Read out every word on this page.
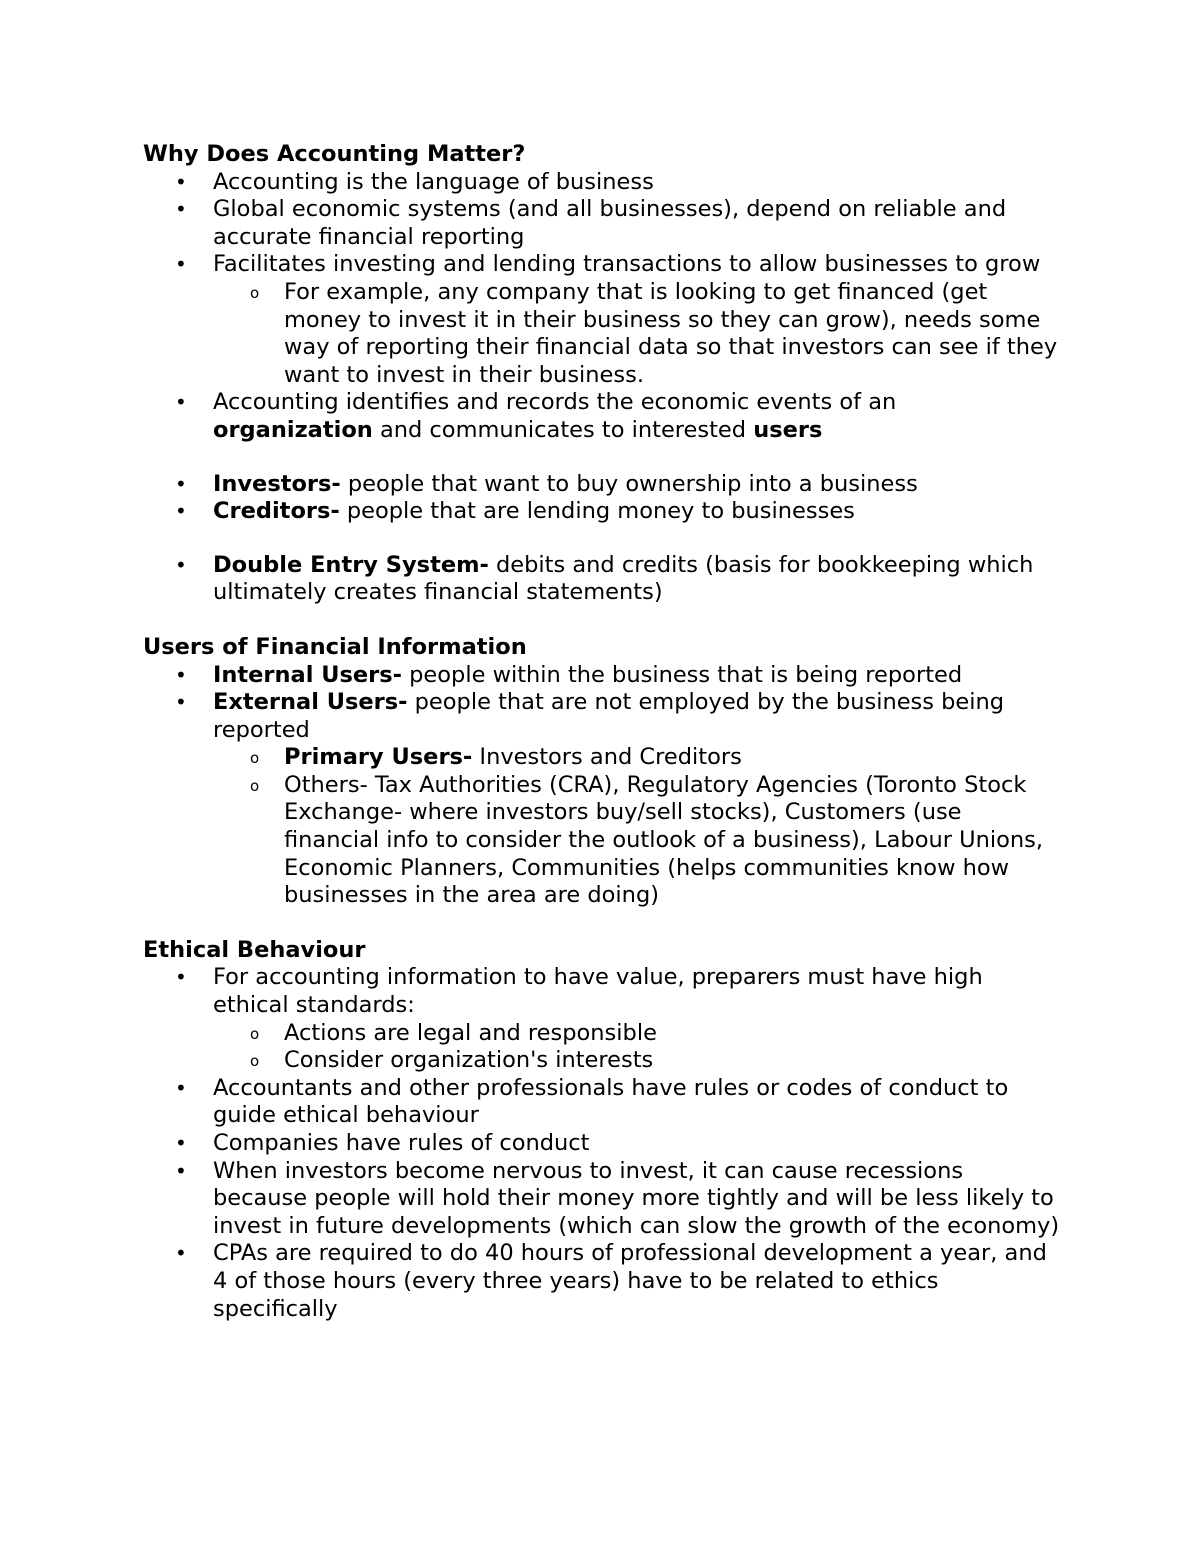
Why Does Accounting Matter?
•	Accounting is the language of business
•	Global economic systems (and all businesses), depend on reliable and accurate financial reporting
•	Facilitates investing and lending transactions to allow businesses to grow
o	For example, any company that is looking to get financed (get money to invest it in their business so they can grow), needs some way of reporting their financial data so that investors can see if they want to invest in their business.
•	Accounting identifies and records the economic events of an organization and communicates to interested users
•	Investors- people that want to buy ownership into a business
•	Creditors- people that are lending money to businesses
•	Double Entry System- debits and credits (basis for bookkeeping which ultimately creates financial statements)
Users of Financial Information
•	Internal Users- people within the business that is being reported
•	External Users- people that are not employed by the business being reported
o	Primary Users- Investors and Creditors
o	Others- Tax Authorities (CRA), Regulatory Agencies (Toronto Stock Exchange- where investors buy/sell stocks), Customers (use financial info to consider the outlook of a business), Labour Unions, Economic Planners, Communities (helps communities know how businesses in the area are doing)
Ethical Behaviour
•	For accounting information to have value, preparers must have high ethical standards:
o	Actions are legal and responsible
o	Consider organization's interests
•	Accountants and other professionals have rules or codes of conduct to guide ethical behaviour
•	Companies have rules of conduct
•	When investors become nervous to invest, it can cause recessions because people will hold their money more tightly and will be less likely to invest in future developments (which can slow the growth of the economy)
•	CPAs are required to do 40 hours of professional development a year, and 4 of those hours (every three years) have to be related to ethics specifically
